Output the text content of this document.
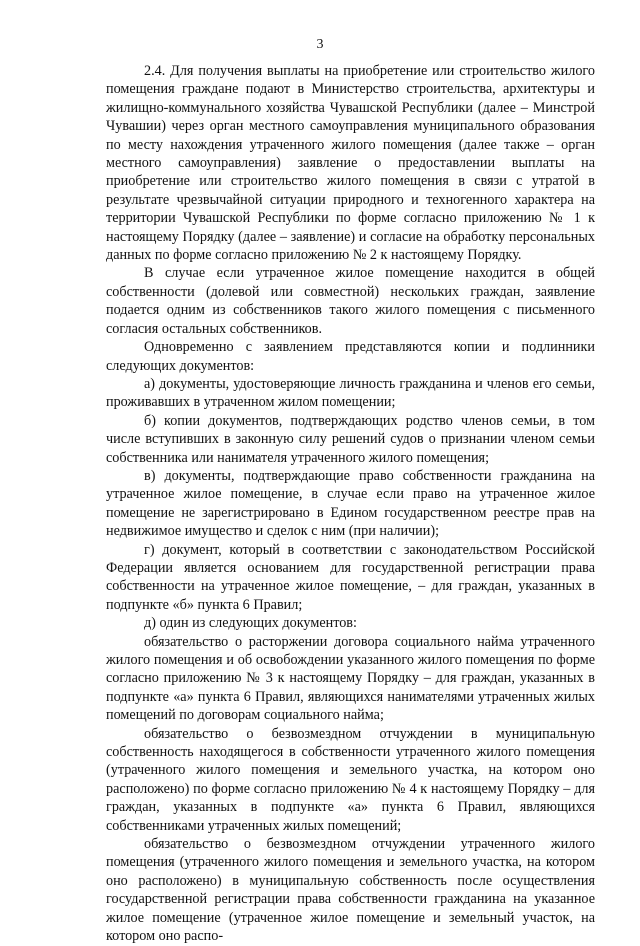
3

2.4. Для получения выплаты на приобретение или строительство жилого помещения граждане подают в Министерство строительства, архитектуры и жилищно-коммунального хозяйства Чувашской Республики (далее – Минстрой Чувашии) через орган местного самоуправления муниципального образования по месту нахождения утраченного жилого помещения (далее также – орган местного самоуправления) заявление о предоставлении выплаты на приобретение или строительство жилого помещения в связи с утратой в результате чрезвычайной ситуации природного и техногенного характера на территории Чувашской Республики по форме согласно приложению № 1 к настоящему Порядку (далее – заявление) и согласие на обработку персональных данных по форме согласно приложению № 2 к настоящему Порядку.

В случае если утраченное жилое помещение находится в общей собственности (долевой или совместной) нескольких граждан, заявление подается одним из собственников такого жилого помещения с письменного согласия остальных собственников.

Одновременно с заявлением представляются копии и подлинники следующих документов:

а) документы, удостоверяющие личность гражданина и членов его семьи, проживавших в утраченном жилом помещении;

б) копии документов, подтверждающих родство членов семьи, в том числе вступивших в законную силу решений судов о признании членом семьи собственника или нанимателя утраченного жилого помещения;

в) документы, подтверждающие право собственности гражданина на утраченное жилое помещение, в случае если право на утраченное жилое помещение не зарегистрировано в Едином государственном реестре прав на недвижимое имущество и сделок с ним (при наличии);

г) документ, который в соответствии с законодательством Российской Федерации является основанием для государственной регистрации права собственности на утраченное жилое помещение, – для граждан, указанных в подпункте «б» пункта 6 Правил;

д) один из следующих документов:

обязательство о расторжении договора социального найма утраченного жилого помещения и об освобождении указанного жилого помещения по форме согласно приложению № 3 к настоящему Порядку – для граждан, указанных в подпункте «а» пункта 6 Правил, являющихся нанимателями утраченных жилых помещений по договорам социального найма;

обязательство о безвозмездном отчуждении в муниципальную собственность находящегося в собственности утраченного жилого помещения (утраченного жилого помещения и земельного участка, на котором оно расположено) по форме согласно приложению № 4 к настоящему Порядку – для граждан, указанных в подпункте «а» пункта 6 Правил, являющихся собственниками утраченных жилых помещений;

обязательство о безвозмездном отчуждении утраченного жилого помещения (утраченного жилого помещения и земельного участка, на котором оно расположено) в муниципальную собственность после осуществления государственной регистрации права собственности гражданина на указанное жилое помещение (утраченное жилое помещение и земельный участок, на котором оно распо-
